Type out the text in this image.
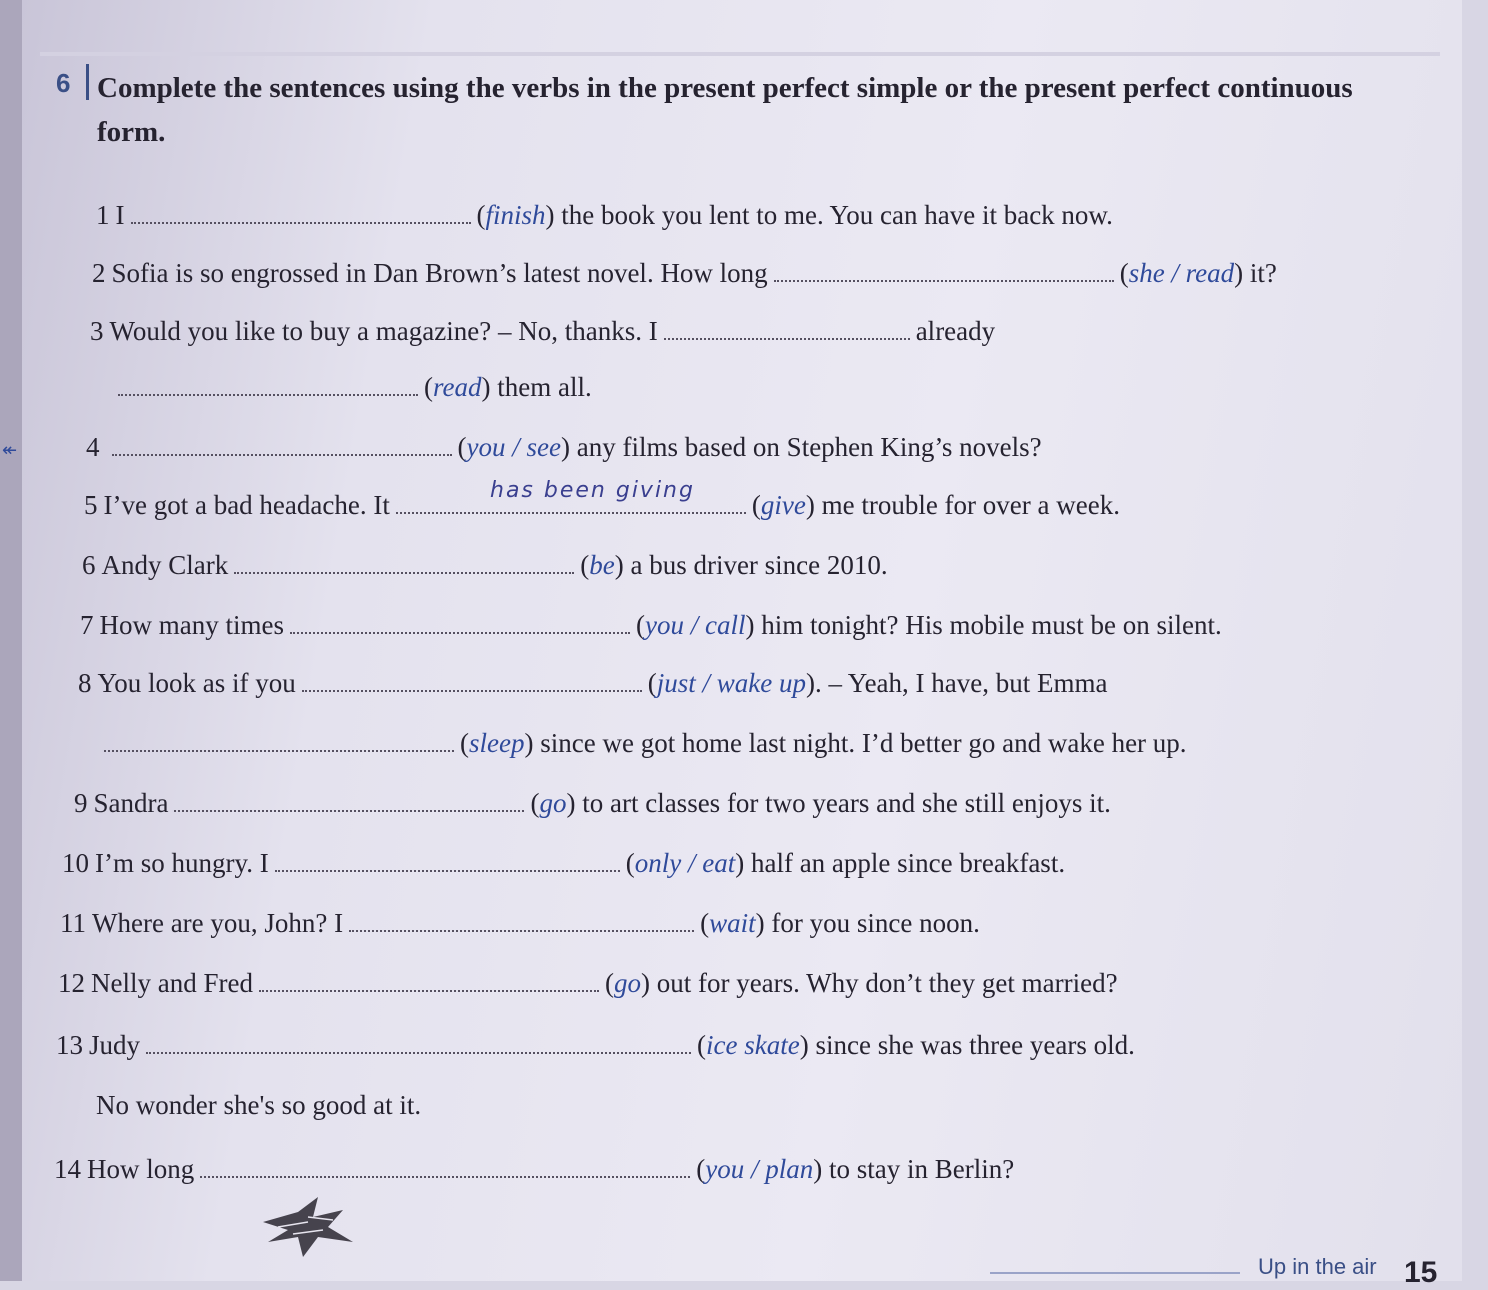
↞
6 Complete the sentences using the verbs in the present perfect simple or the present perfect continuous form.
1I	(finish) the book you lent to me. You can have it back now.
2Sofia is so engrossed in Dan Brown’s latest novel. How long	(she / read) it?
3Would you like to buy a magazine? – No, thanks. I	already
(read) them all.
4	(you / see) any films based on Stephen King’s novels?
5I’ve got a bad headache. It	(give) me trouble for over a week.
has been giving
6Andy Clark	(be) a bus driver since 2010.
7How many times	(you / call) him tonight? His mobile must be on silent.
8You look as if you	(just / wake up). – Yeah, I have, but Emma
(sleep) since we got home last night. I’d better go and wake her up.
9Sandra	(go) to art classes for two years and she still enjoys it.
10I’m so hungry. I	(only / eat) half an apple since breakfast.
11Where are you, John? I	(wait) for you since noon.
12Nelly and Fred	(go) out for years. Why don’t they get married?
13Judy	(ice skate) since she was three years old.
No wonder she's so good at it.
14How long	(you / plan) to stay in Berlin?
Up in the air 15
